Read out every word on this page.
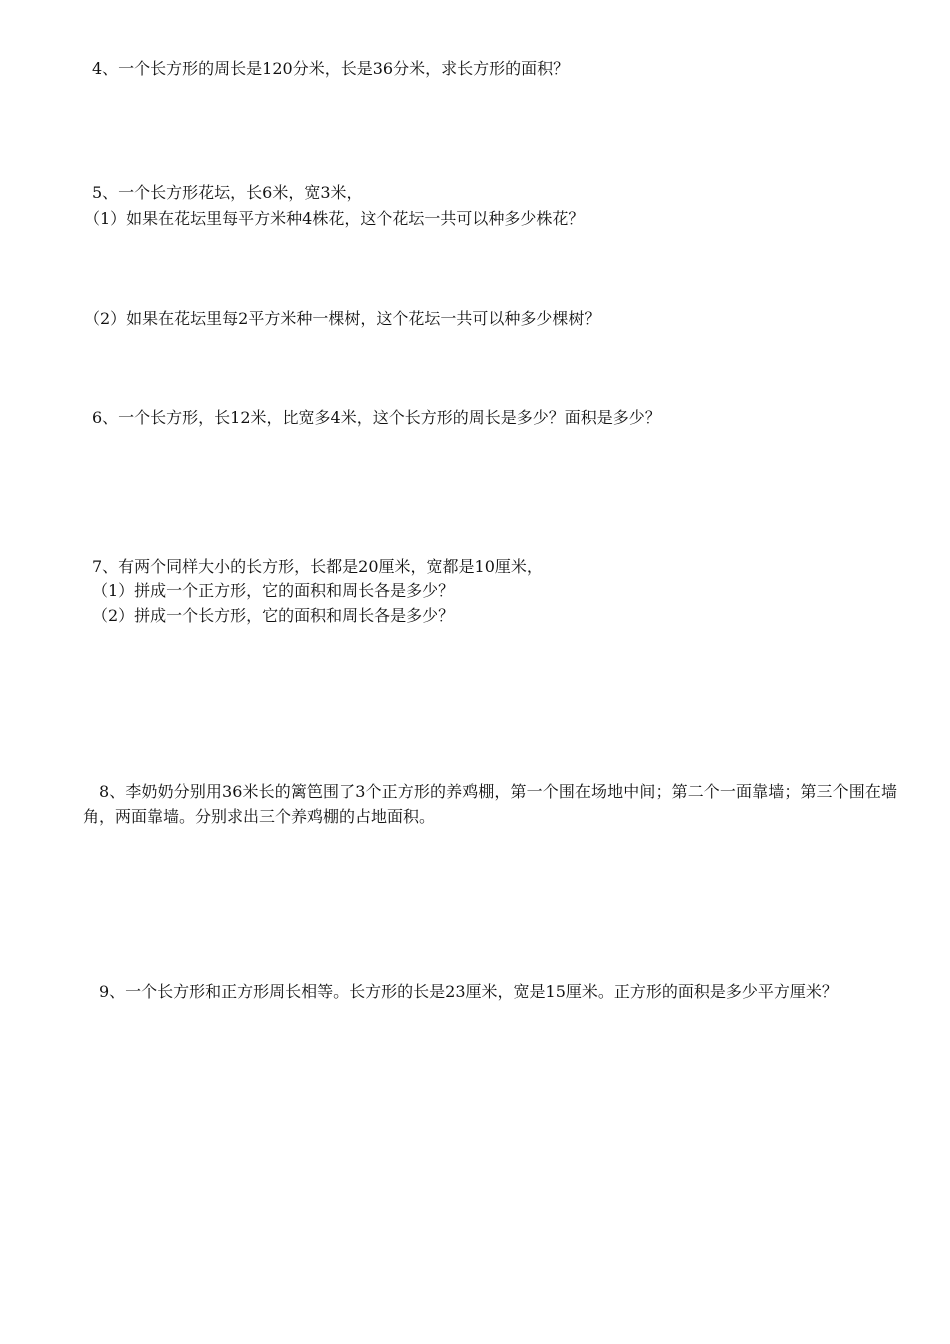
4、一个长方形的周长是120分米，长是36分米，求长方形的面积？
5、一个长方形花坛，长6米，宽3米，
（1）如果在花坛里每平方米种4株花，这个花坛一共可以种多少株花？
（2）如果在花坛里每2平方米种一棵树，这个花坛一共可以种多少棵树？
6、一个长方形，长12米，比宽多4米，这个长方形的周长是多少？面积是多少？
7、有两个同样大小的长方形，长都是20厘米，宽都是10厘米，
（1）拼成一个正方形，它的面积和周长各是多少？
（2）拼成一个长方形，它的面积和周长各是多少？
8、李奶奶分别用36米长的篱笆围了3个正方形的养鸡棚，第一个围在场地中间；第二个一面靠墙；第三个围在墙角，两面靠墙。分别求出三个养鸡棚的占地面积。
9、一个长方形和正方形周长相等。长方形的长是23厘米，宽是15厘米。正方形的面积是多少平方厘米？
